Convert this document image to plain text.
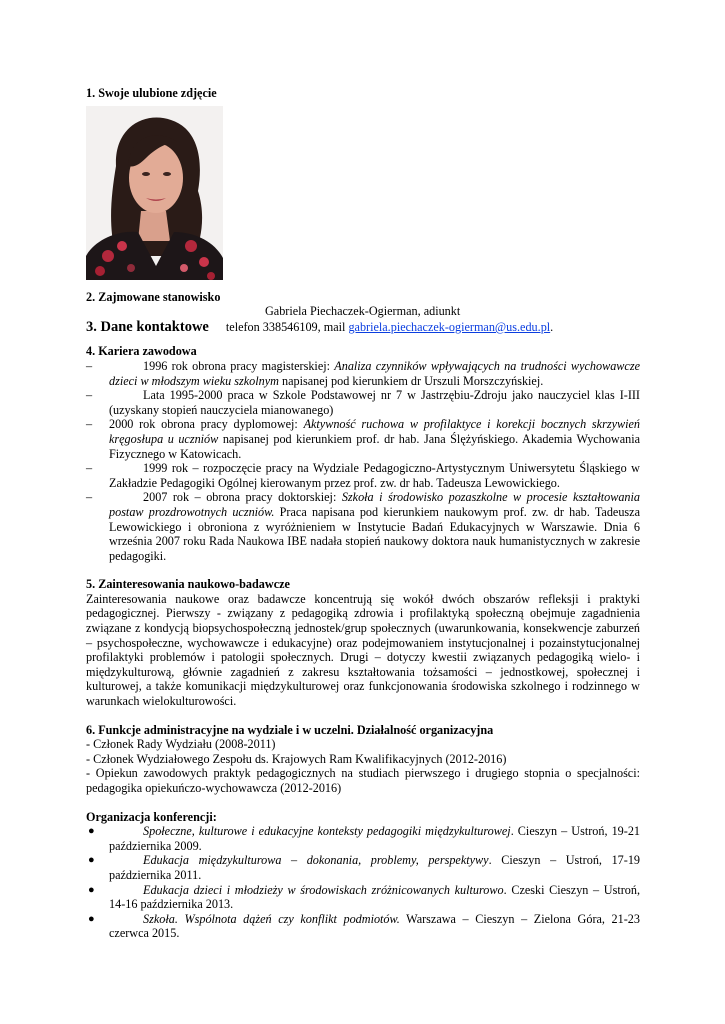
1. Swoje ulubione zdjęcie

2. Zajmowane stanowisko

Gabriela Piechaczek-Ogierman, adiunkt

3. Dane kontaktowe telefon 338546109, mail gabriela.piechaczek-ogierman@us.edu.pl.

4. Kariera zawodowa

–	1996 rok obrona pracy magisterskiej: Analiza czynników wpływających na trudności wychowawcze dzieci w młodszym wieku szkolnym napisanej pod kierunkiem dr Urszuli Morszczyńskiej.
–	Lata 1995-2000 praca w Szkole Podstawowej nr 7 w Jastrzębiu-Zdroju jako nauczyciel klas I-III (uzyskany stopień nauczyciela mianowanego)
– 2000 rok obrona pracy dyplomowej: Aktywność ruchowa w profilaktyce i korekcji bocznych skrzywień kręgosłupa u uczniów napisanej pod kierunkiem prof. dr hab. Jana Ślężyńskiego. Akademia Wychowania Fizycznego w Katowicach.
–	1999 rok – rozpoczęcie pracy na Wydziale Pedagogiczno-Artystycznym Uniwersytetu Śląskiego w Zakładzie Pedagogiki Ogólnej kierowanym przez prof. zw. dr hab. Tadeusza Lewowickiego.
–	2007 rok – obrona pracy doktorskiej: Szkoła i środowisko pozaszkolne w procesie kształtowania postaw prozdrowotnych uczniów. Praca napisana pod kierunkiem naukowym prof. zw. dr hab. Tadeusza Lewowickiego i obroniona z wyróżnieniem w Instytucie Badań Edukacyjnych w Warszawie. Dnia 6 września 2007 roku Rada Naukowa IBE nadała stopień naukowy doktora nauk humanistycznych w zakresie pedagogiki.

5. Zainteresowania naukowo-badawcze

Zainteresowania naukowe oraz badawcze koncentrują się wokół dwóch obszarów refleksji i praktyki pedagogicznej. Pierwszy - związany z pedagogiką zdrowia i profilaktyką społeczną obejmuje zagadnienia związane z kondycją biopsychospołeczną jednostek/grup społecznych (uwarunkowania, konsekwencje zaburzeń – psychospołeczne, wychowawcze i edukacyjne) oraz podejmowaniem instytucjonalnej i pozainstytucjonalnej profilaktyki problemów i patologii społecznych. Drugi – dotyczy kwestii związanych pedagogiką wielo- i międzykulturową, głównie zagadnień z zakresu kształtowania tożsamości – jednostkowej, społecznej i kulturowej, a także komunikacji międzykulturowej oraz funkcjonowania środowiska szkolnego i rodzinnego w warunkach wielokulturowości.

6. Funkcje administracyjne na wydziale i w uczelni. Działalność organizacyjna

- Członek Rady Wydziału (2008-2011)

- Członek Wydziałowego Zespołu ds. Krajowych Ram Kwalifikacyjnych (2012-2016)

- Opiekun zawodowych praktyk pedagogicznych na studiach pierwszego i drugiego stopnia o specjalności: pedagogika opiekuńczo-wychowawcza (2012-2016)

Organizacja konferencji:

●	Społeczne, kulturowe i edukacyjne konteksty pedagogiki międzykulturowej. Cieszyn – Ustroń, 19-21 października 2009.
●	Edukacja międzykulturowa – dokonania, problemy, perspektywy. Cieszyn – Ustroń, 17-19 października 2011.
●	Edukacja dzieci i młodzieży w środowiskach zróżnicowanych kulturowo. Czeski Cieszyn – Ustroń, 14-16 października 2013.
●	Szkoła. Wspólnota dążeń czy konflikt podmiotów. Warszawa – Cieszyn – Zielona Góra, 21-23 czerwca 2015.
